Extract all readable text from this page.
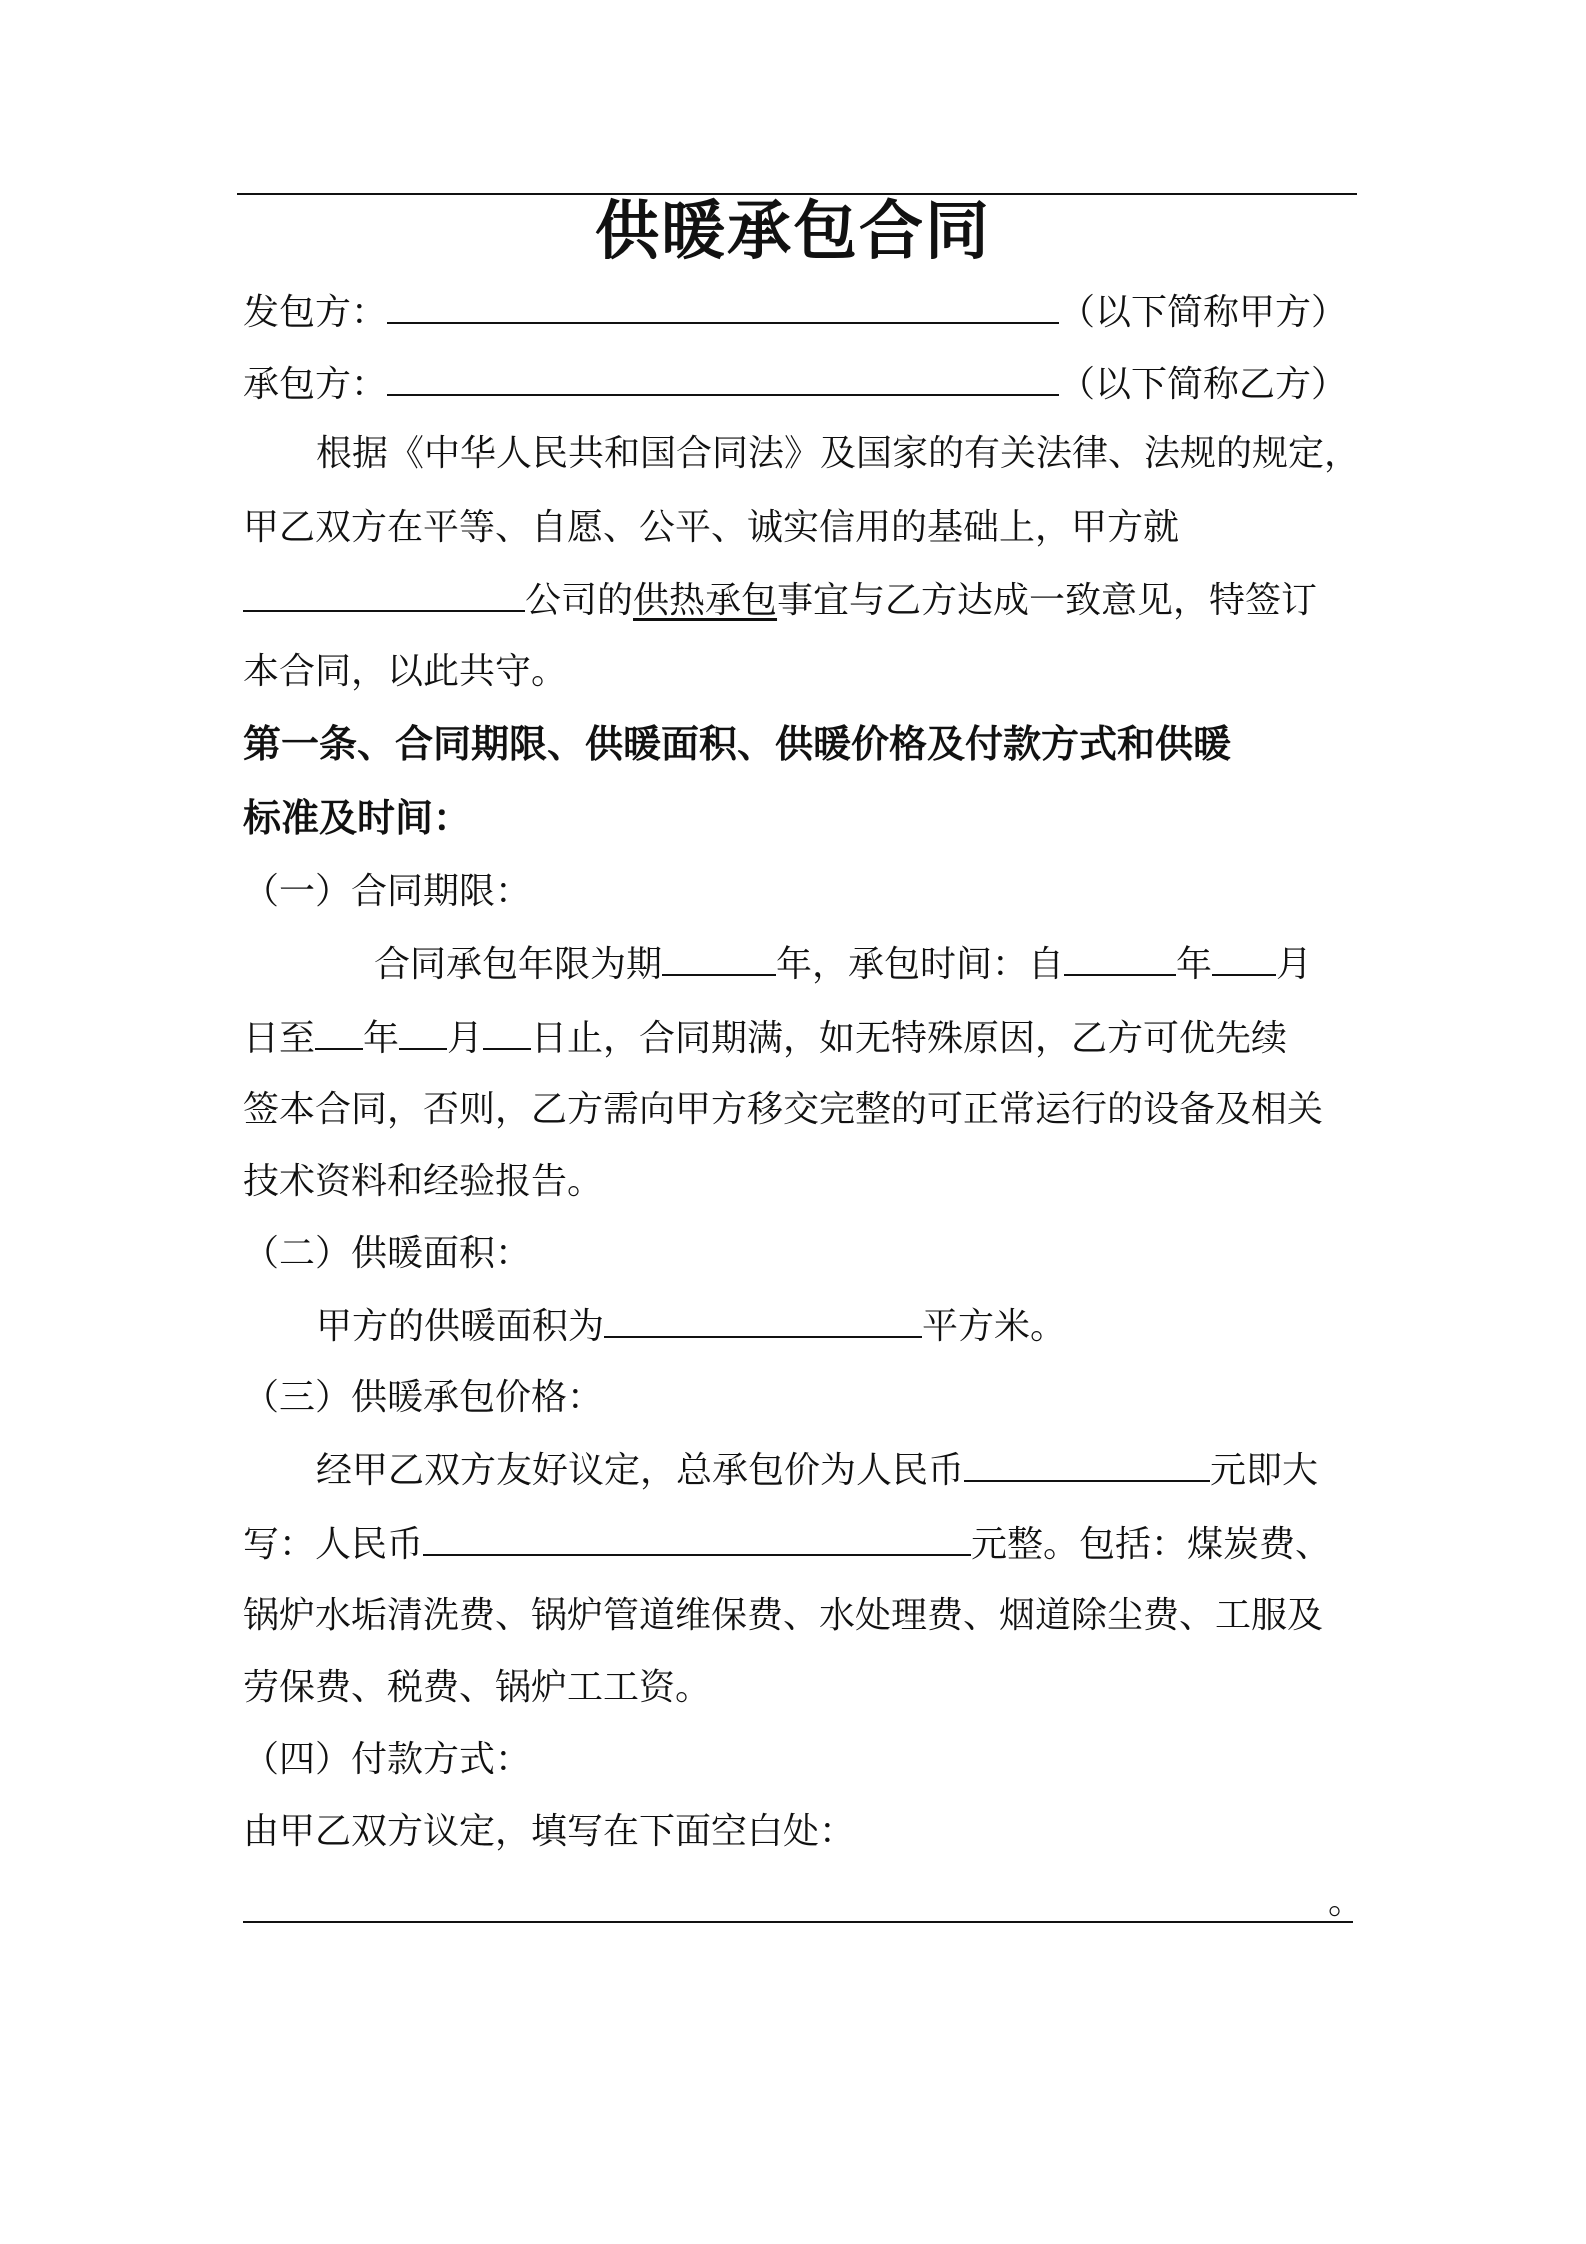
供暖承包合同
发包方：	（以下简称甲方）
承包方：	（以下简称乙方）
根据《中华人民共和国合同法》及国家的有关法律、法规的规定，
甲乙双方在平等、自愿、公平、诚实信用的基础上，甲方就
公司的供热承包事宜与乙方达成一致意见，特签订
本合同，以此共守。
第一条、合同期限、供暖面积、供暖价格及付款方式和供暖
标准及时间：
（一）合同期限：
合同承包年限为期	年，承包时间：自	年 月
日至 年 月 日止，合同期满，如无特殊原因，乙方可优先续
签本合同，否则，乙方需向甲方移交完整的可正常运行的设备及相关
技术资料和经验报告。
（二）供暖面积：
甲方的供暖面积为	平方米。
（三）供暖承包价格：
经甲乙双方友好议定，总承包价为人民币	元即大
写：人民币	元整。包括：煤炭费、
锅炉水垢清洗费、锅炉管道维保费、水处理费、烟道除尘费、工服及
劳保费、税费、锅炉工工资。
（四）付款方式：
由甲乙双方议定，填写在下面空白处：
。
